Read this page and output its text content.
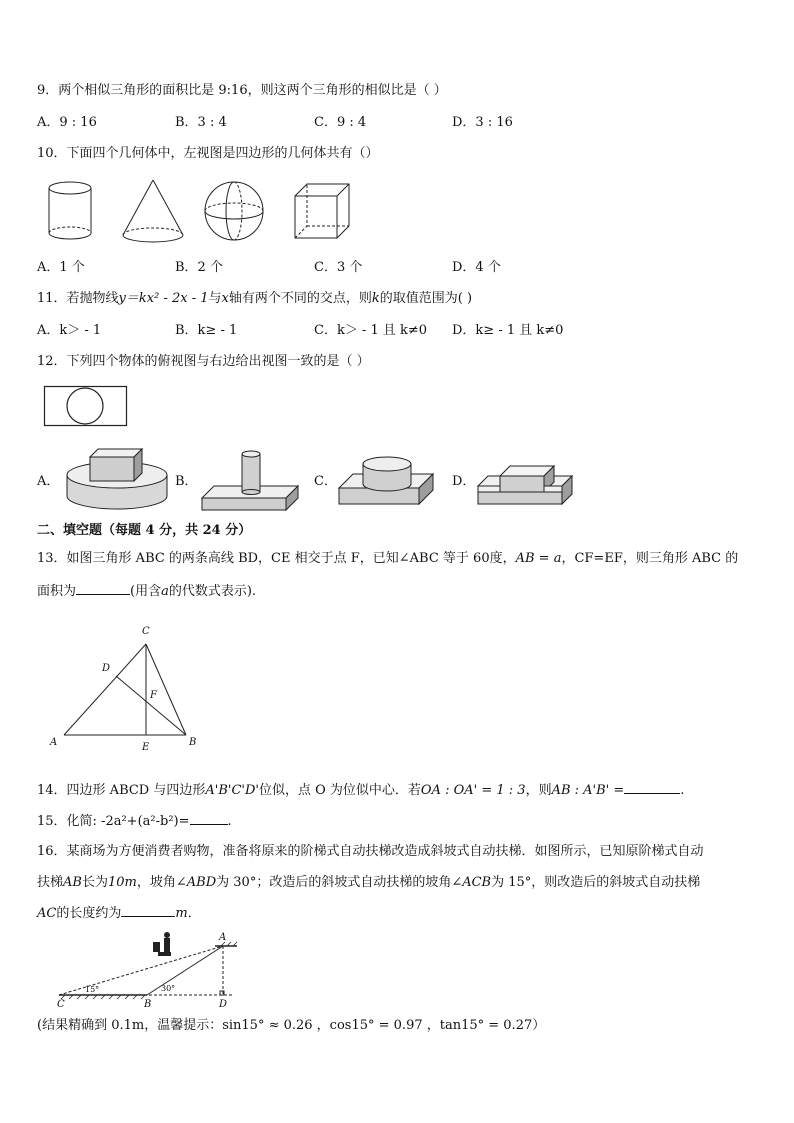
9．两个相似三角形的面积比是 9:16，则这两个三角形的相似比是（ ）
A．9 : 16	B．3 : 4	C．9 : 4	D．3 : 16
10．下面四个几何体中，左视图是四边形的几何体共有（）
A．1 个	B．2 个	C．3 个	D．4 个
11．若抛物线y＝kx² - 2x - 1与x轴有两个不同的交点，则k的取值范围为( )
A．k＞ - 1	B．k≥ - 1	C．k＞ - 1 且 k≠0 D．k≥ - 1 且 k≠0
12．下列四个物体的俯视图与右边给出视图一致的是（ ）
A．	B．	C．	D．
二、填空题（每题 4 分，共 24 分）
13．如图三角形 ABC 的两条高线 BD，CE 相交于点 F，已知∠ABC 等于 60度，AB = a，CF=EF，则三角形 ABC 的
面积为	(用含a的代数式表示).
A	B
C
D
E
F
14．四边形 ABCD 与四边形A'B'C'D'位似，点 O 为位似中心．若OA : OA' = 1 : 3，则AB : A'B' =	.
15．化简: -2a²+(a²-b²)=	.
16．某商场为方便消费者购物，准备将原来的阶梯式自动扶梯改造成斜坡式自动扶梯．如图所示，已知原阶梯式自动
扶梯AB长为10m，坡角∠ABD为 30°；改造后的斜坡式自动扶梯的坡角∠ACB为 15°，则改造后的斜坡式自动扶梯
AC的长度约为	m．
15°	30°
C	B	D
A
(结果精确到 0.1m，温馨提示：sin15° ≈ 0.26 ，cos15° = 0.97 ，tan15° = 0.27）
